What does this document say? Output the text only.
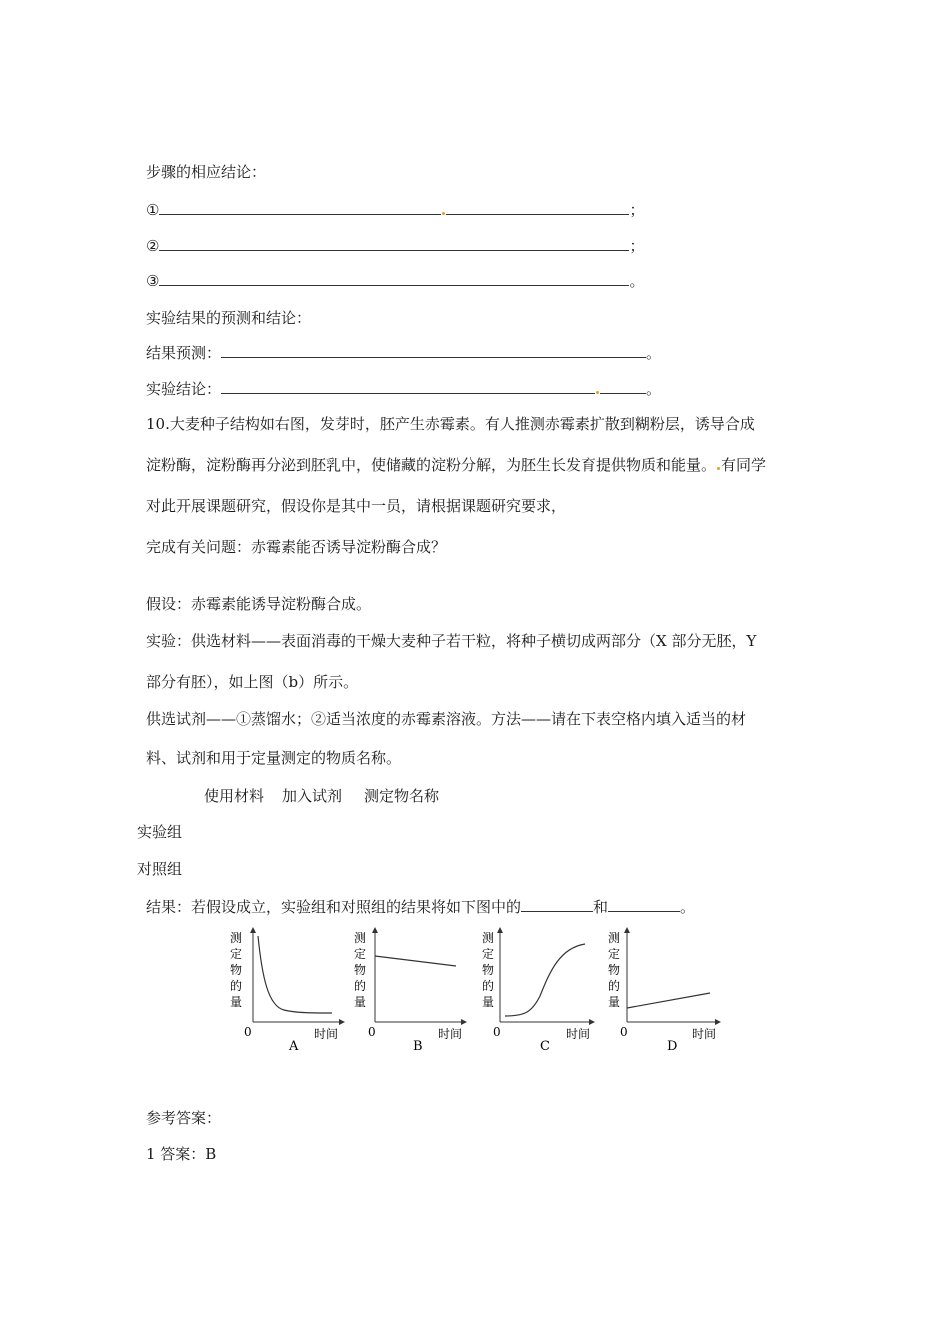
步骤的相应结论：
①	；
②	；
③	。
实验结果的预测和结论：
结果预测：	。
实验结论：	。
10.大麦种子结构如右图，发芽时，胚产生赤霉素。有人推测赤霉素扩散到糊粉层，诱导合成
淀粉酶，淀粉酶再分泌到胚乳中，使储藏的淀粉分解，为胚生长发育提供物质和能量。 有同学
对此开展课题研究，假设你是其中一员，请根据课题研究要求，
完成有关问题：赤霉素能否诱导淀粉酶合成？
假设：赤霉素能诱导淀粉酶合成。
实验：供选材料——表面消毒的干燥大麦种子若干粒，将种子横切成两部分（X 部分无胚，Y
部分有胚），如上图（b）所示。
供选试剂——①蒸馏水；②适当浓度的赤霉素溶液。方法——请在下表空格内填入适当的材
料、试剂和用于定量测定的物质名称。
使用材料 加入试剂 测定物名称
实验组
对照组
结果：若假设成立，实验组和对照组的结果将如下图中的	和	。
测
定
物
的
量
0	时间
A
测
定
物
的
量
0	时间
B
测
定
物
的
量
0	时间
C
测
定
物
的
量
0	时间
D
参考答案：
1 答案：B
